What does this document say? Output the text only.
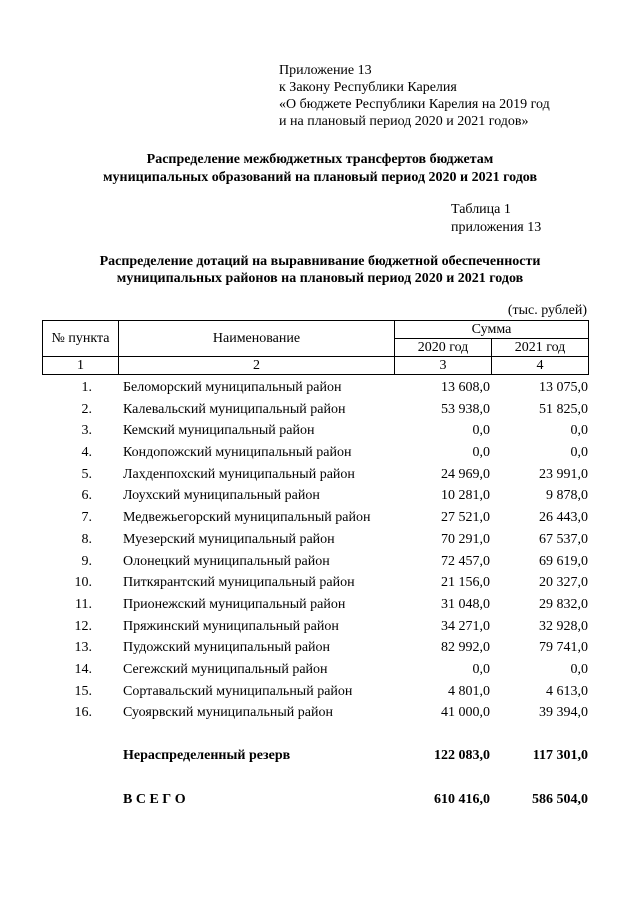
Приложение 13
к Закону Республики Карелия
«О бюджете Республики Карелия на 2019 год
и на плановый период 2020 и 2021 годов»
Распределение межбюджетных трансфертов бюджетам
муниципальных образований на плановый период 2020 и 2021 годов
Таблица 1
приложения 13
Распределение дотаций на выравнивание бюджетной обеспеченности
муниципальных районов на плановый период 2020 и 2021 годов
(тыс. рублей)
№ пункта	Наименование	Сумма	
		2020 год	2021 год
1	2	3	4
1. Беломорский муниципальный район	13 608,0	13 075,0
2. Калевальский муниципальный район	53 938,0	51 825,0
3. Кемский муниципальный район	0,0	0,0
4. Кондопожский муниципальный район	0,0	0,0
5. Лахденпохский муниципальный район	24 969,0	23 991,0
6. Лоухский муниципальный район	10 281,0	9 878,0
7. Медвежьегорский муниципальный район	27 521,0	26 443,0
8. Муезерский муниципальный район	70 291,0	67 537,0
9. Олонецкий муниципальный район	72 457,0	69 619,0
10. Питкярантский муниципальный район	21 156,0	20 327,0
11. Прионежский муниципальный район	31 048,0	29 832,0
12. Пряжинский муниципальный район	34 271,0	32 928,0
13. Пудожский муниципальный район	82 992,0	79 741,0
14. Сегежский муниципальный район	0,0	0,0
15. Сортавальский муниципальный район	4 801,0	4 613,0
16. Суоярвский муниципальный район	41 000,0	39 394,0
Нераспределенный резерв	122 083,0	117 301,0
В С Е Г О	610 416,0	586 504,0
